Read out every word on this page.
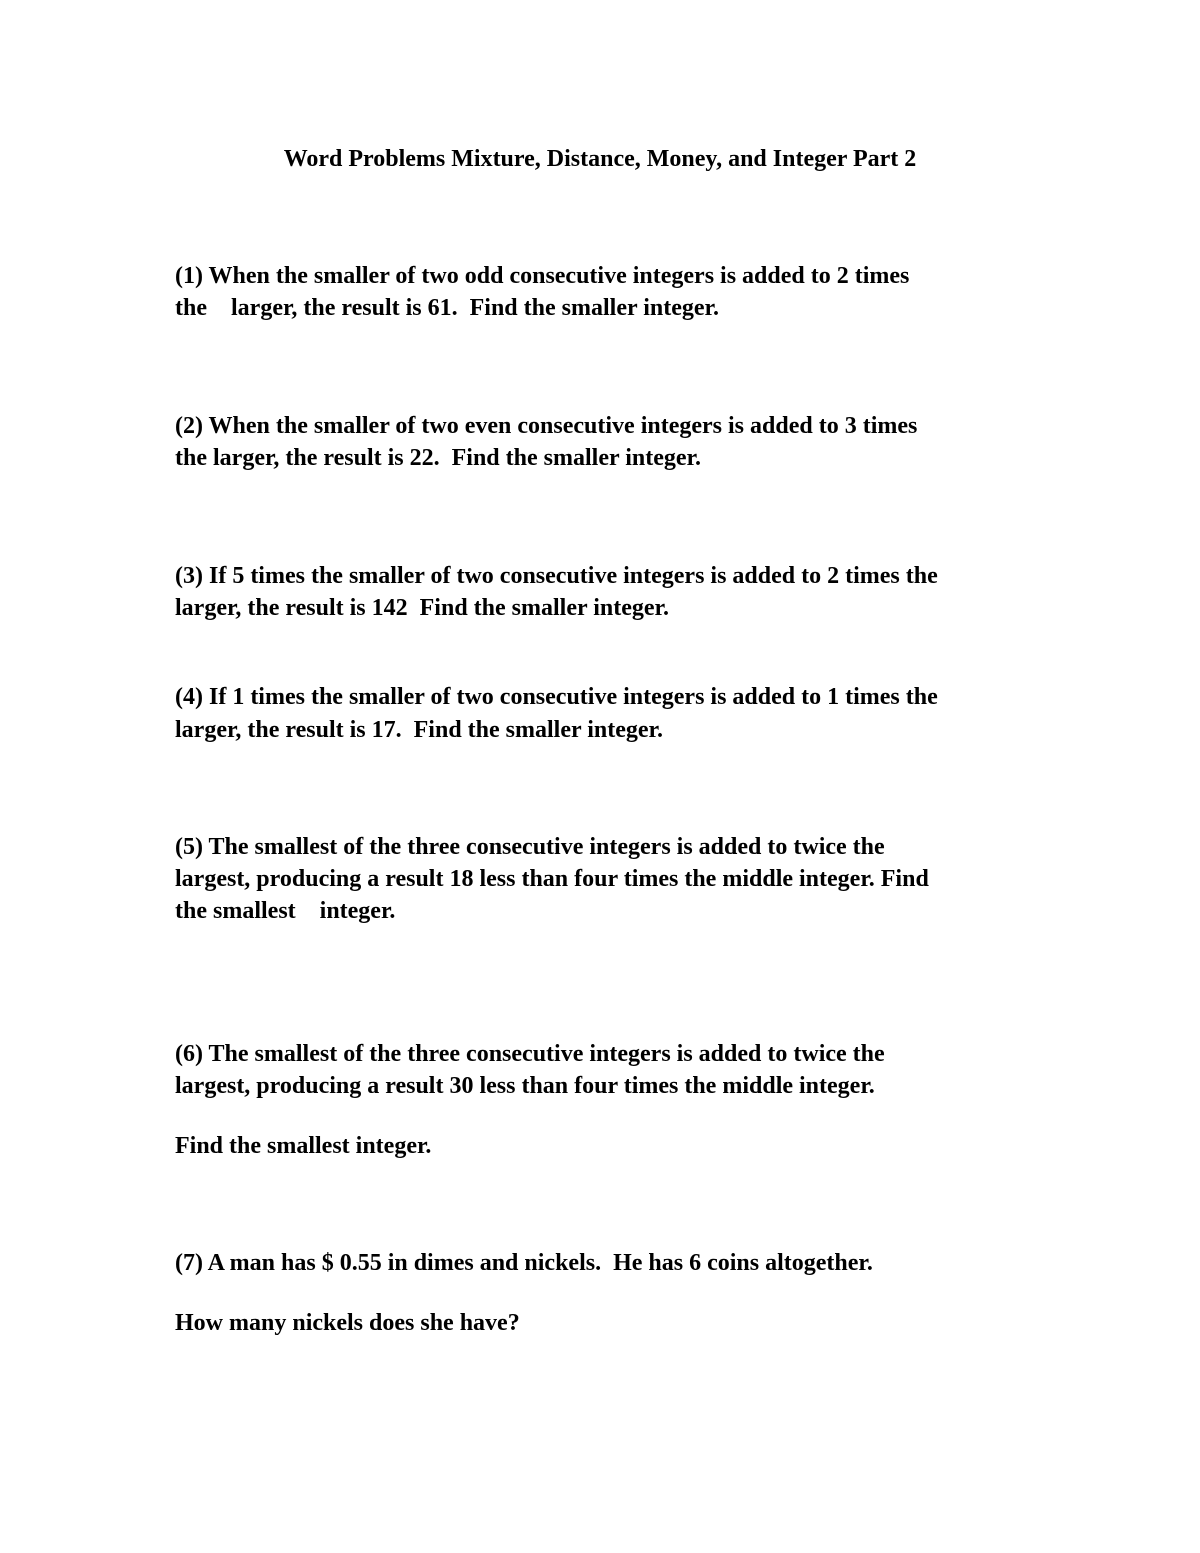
Word Problems Mixture, Distance, Money, and Integer Part 2
(1) When the smaller of two odd consecutive integers is added to 2 times
the    larger, the result is 61.  Find the smaller integer.
(2) When the smaller of two even consecutive integers is added to 3 times
the larger, the result is 22.  Find the smaller integer.
(3) If 5 times the smaller of two consecutive integers is added to 2 times the
larger, the result is 142  Find the smaller integer.
(4) If 1 times the smaller of two consecutive integers is added to 1 times the
larger, the result is 17.  Find the smaller integer.
(5) The smallest of the three consecutive integers is added to twice the
largest, producing a result 18 less than four times the middle integer. Find
the smallest    integer.
(6) The smallest of the three consecutive integers is added to twice the
largest, producing a result 30 less than four times the middle integer.
Find the smallest integer.
(7) A man has $ 0.55 in dimes and nickels.  He has 6 coins altogether.
How many nickels does she have?
